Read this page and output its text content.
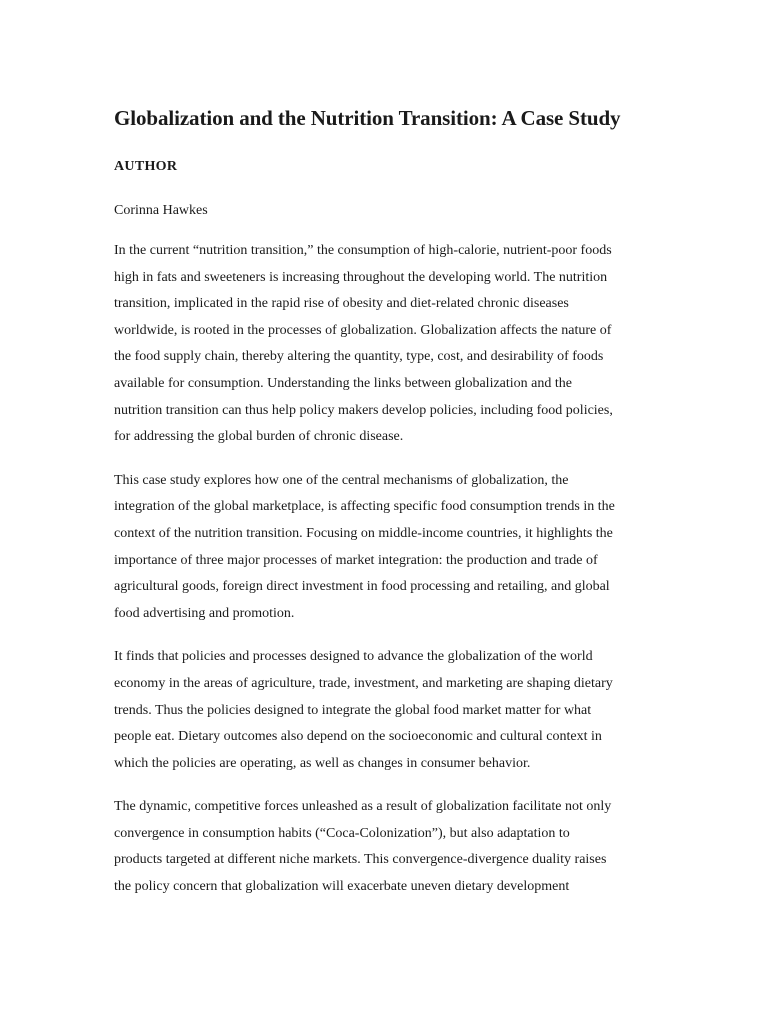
Globalization and the Nutrition Transition: A Case Study
AUTHOR

Corinna Hawkes

In the current “nutrition transition,” the consumption of high-calorie, nutrient-poor foods
high in fats and sweeteners is increasing throughout the developing world. The nutrition
transition, implicated in the rapid rise of obesity and diet-related chronic diseases
worldwide, is rooted in the processes of globalization. Globalization affects the nature of
the food supply chain, thereby altering the quantity, type, cost, and desirability of foods
available for consumption. Understanding the links between globalization and the
nutrition transition can thus help policy makers develop policies, including food policies,
for addressing the global burden of chronic disease.

This case study explores how one of the central mechanisms of globalization, the
integration of the global marketplace, is affecting specific food consumption trends in the
context of the nutrition transition. Focusing on middle-income countries, it highlights the
importance of three major processes of market integration: the production and trade of
agricultural goods, foreign direct investment in food processing and retailing, and global
food advertising and promotion.

It finds that policies and processes designed to advance the globalization of the world
economy in the areas of agriculture, trade, investment, and marketing are shaping dietary
trends. Thus the policies designed to integrate the global food market matter for what
people eat. Dietary outcomes also depend on the socioeconomic and cultural context in
which the policies are operating, as well as changes in consumer behavior.

The dynamic, competitive forces unleashed as a result of globalization facilitate not only
convergence in consumption habits (“Coca-Colonization”), but also adaptation to
products targeted at different niche markets. This convergence-divergence duality raises
the policy concern that globalization will exacerbate uneven dietary development
